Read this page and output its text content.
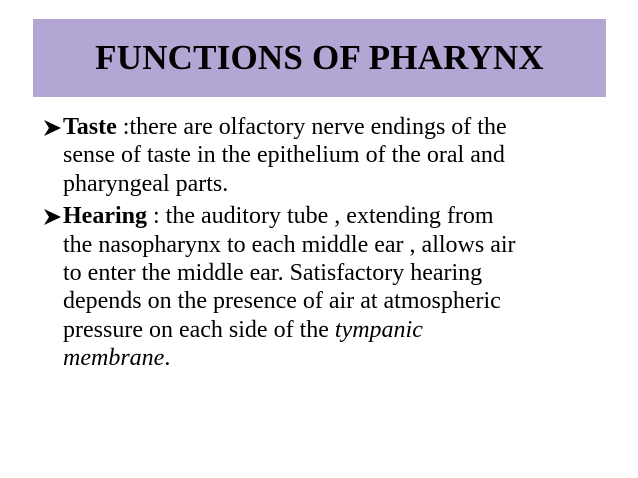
FUNCTIONS OF PHARYNX
Taste :there are olfactory nerve endings of the
sense of taste in the epithelium of the oral and
pharyngeal parts.
Hearing : the auditory tube , extending from
the nasopharynx to each middle ear , allows air
to enter the middle ear. Satisfactory hearing
depends on the presence of air at atmospheric
pressure on each side of the tympanic
membrane.
